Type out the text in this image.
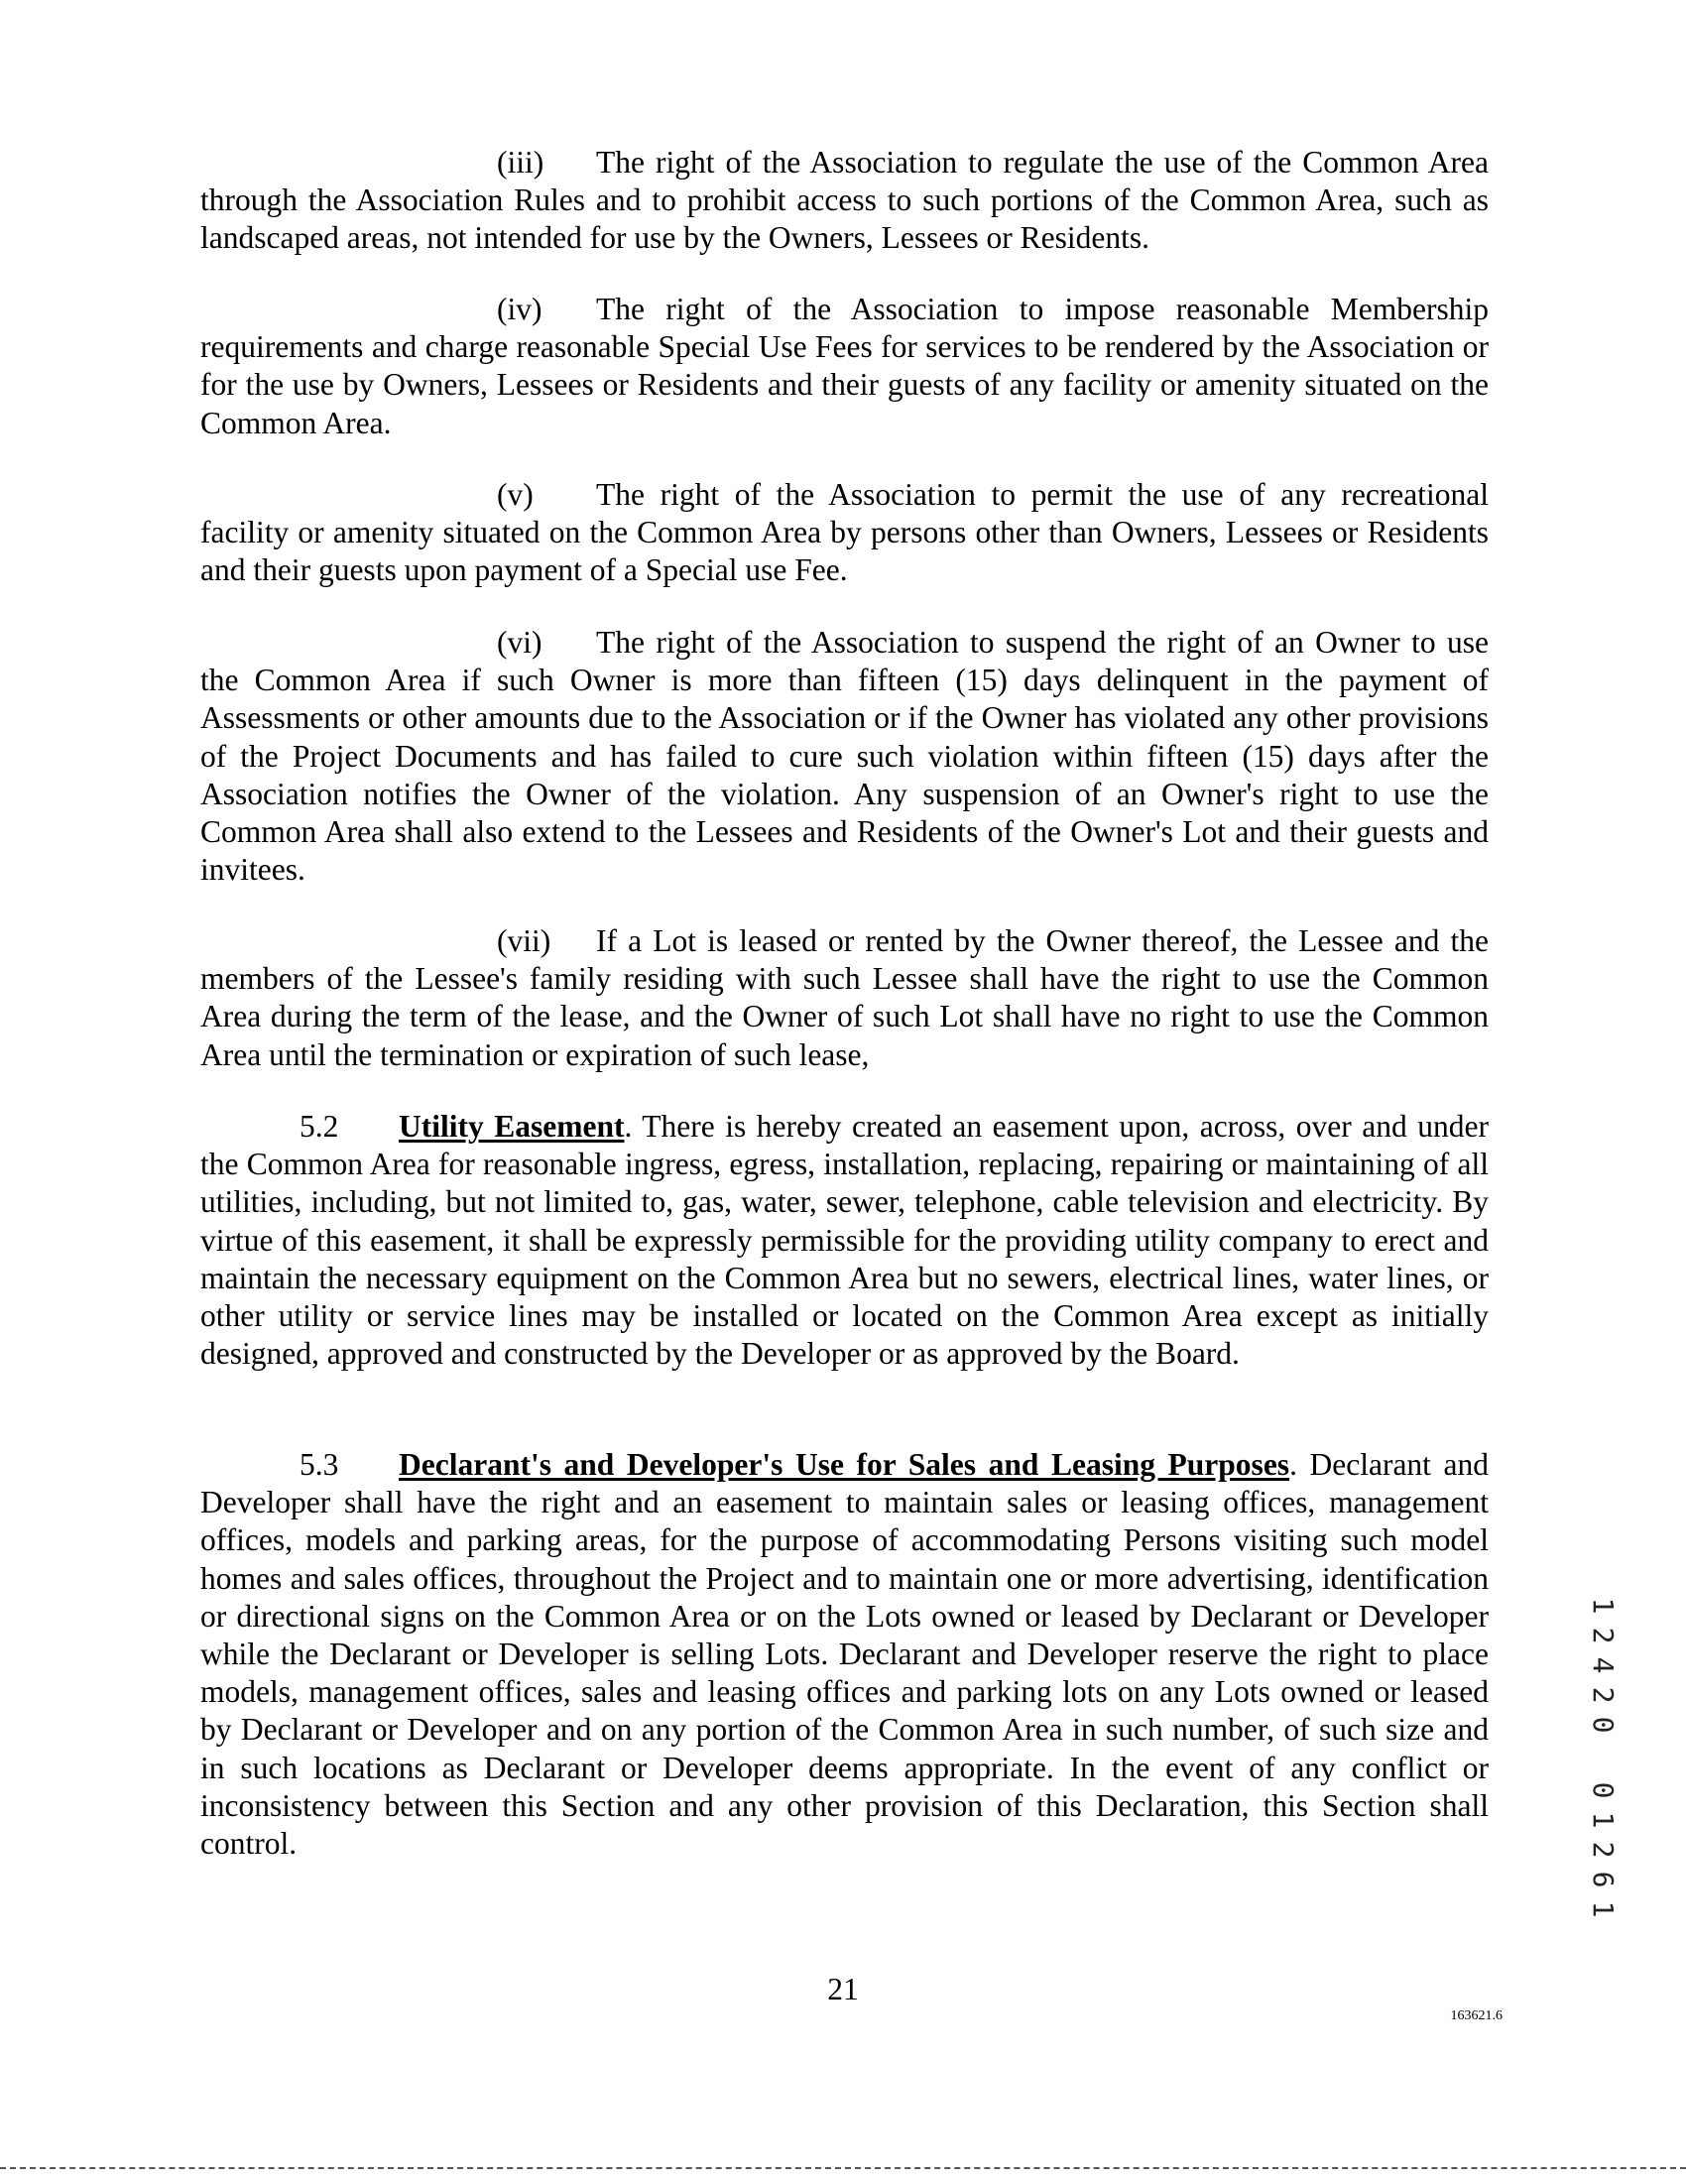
(iii) The right of the Association to regulate the use of the Common Area through the Association Rules and to prohibit access to such portions of the Common Area, such as landscaped areas, not intended for use by the Owners, Lessees or Residents.

(iv) The right of the Association to impose reasonable Membership requirements and charge reasonable Special Use Fees for services to be rendered by the Association or for the use by Owners, Lessees or Residents and their guests of any facility or amenity situated on the Common Area.

(v) The right of the Association to permit the use of any recreational facility or amenity situated on the Common Area by persons other than Owners, Lessees or Residents and their guests upon payment of a Special use Fee.

(vi) The right of the Association to suspend the right of an Owner to use the Common Area if such Owner is more than fifteen (15) days delinquent in the payment of Assessments or other amounts due to the Association or if the Owner has violated any other provisions of the Project Documents and has failed to cure such violation within fifteen (15) days after the Association notifies the Owner of the violation. Any suspension of an Owner's right to use the Common Area shall also extend to the Lessees and Residents of the Owner's Lot and their guests and invitees.

(vii) If a Lot is leased or rented by the Owner thereof, the Lessee and the members of the Lessee's family residing with such Lessee shall have the right to use the Common Area during the term of the lease, and the Owner of such Lot shall have no right to use the Common Area until the termination or expiration of such lease,

5.2 Utility Easement. There is hereby created an easement upon, across, over and under the Common Area for reasonable ingress, egress, installation, replacing, repairing or maintaining of all utilities, including, but not limited to, gas, water, sewer, telephone, cable television and electricity. By virtue of this easement, it shall be expressly permissible for the providing utility company to erect and maintain the necessary equipment on the Common Area but no sewers, electrical lines, water lines, or other utility or service lines may be installed or located on the Common Area except as initially designed, approved and constructed by the Developer or as approved by the Board.

5.3 Declarant's and Developer's Use for Sales and Leasing Purposes. Declarant and Developer shall have the right and an easement to maintain sales or leasing offices, management offices, models and parking areas, for the purpose of accommodating Persons visiting such model homes and sales offices, throughout the Project and to maintain one or more advertising, identification or directional signs on the Common Area or on the Lots owned or leased by Declarant or Developer while the Declarant or Developer is selling Lots. Declarant and Developer reserve the right to place models, management offices, sales and leasing offices and parking lots on any Lots owned or leased by Declarant or Developer and on any portion of the Common Area in such number, of such size and in such locations as Declarant or Developer deems appropriate. In the event of any conflict or inconsistency between this Section and any other provision of this Declaration, this Section shall control.

1
2
4
2
0
0
1
2
6
1

21

163621.6
